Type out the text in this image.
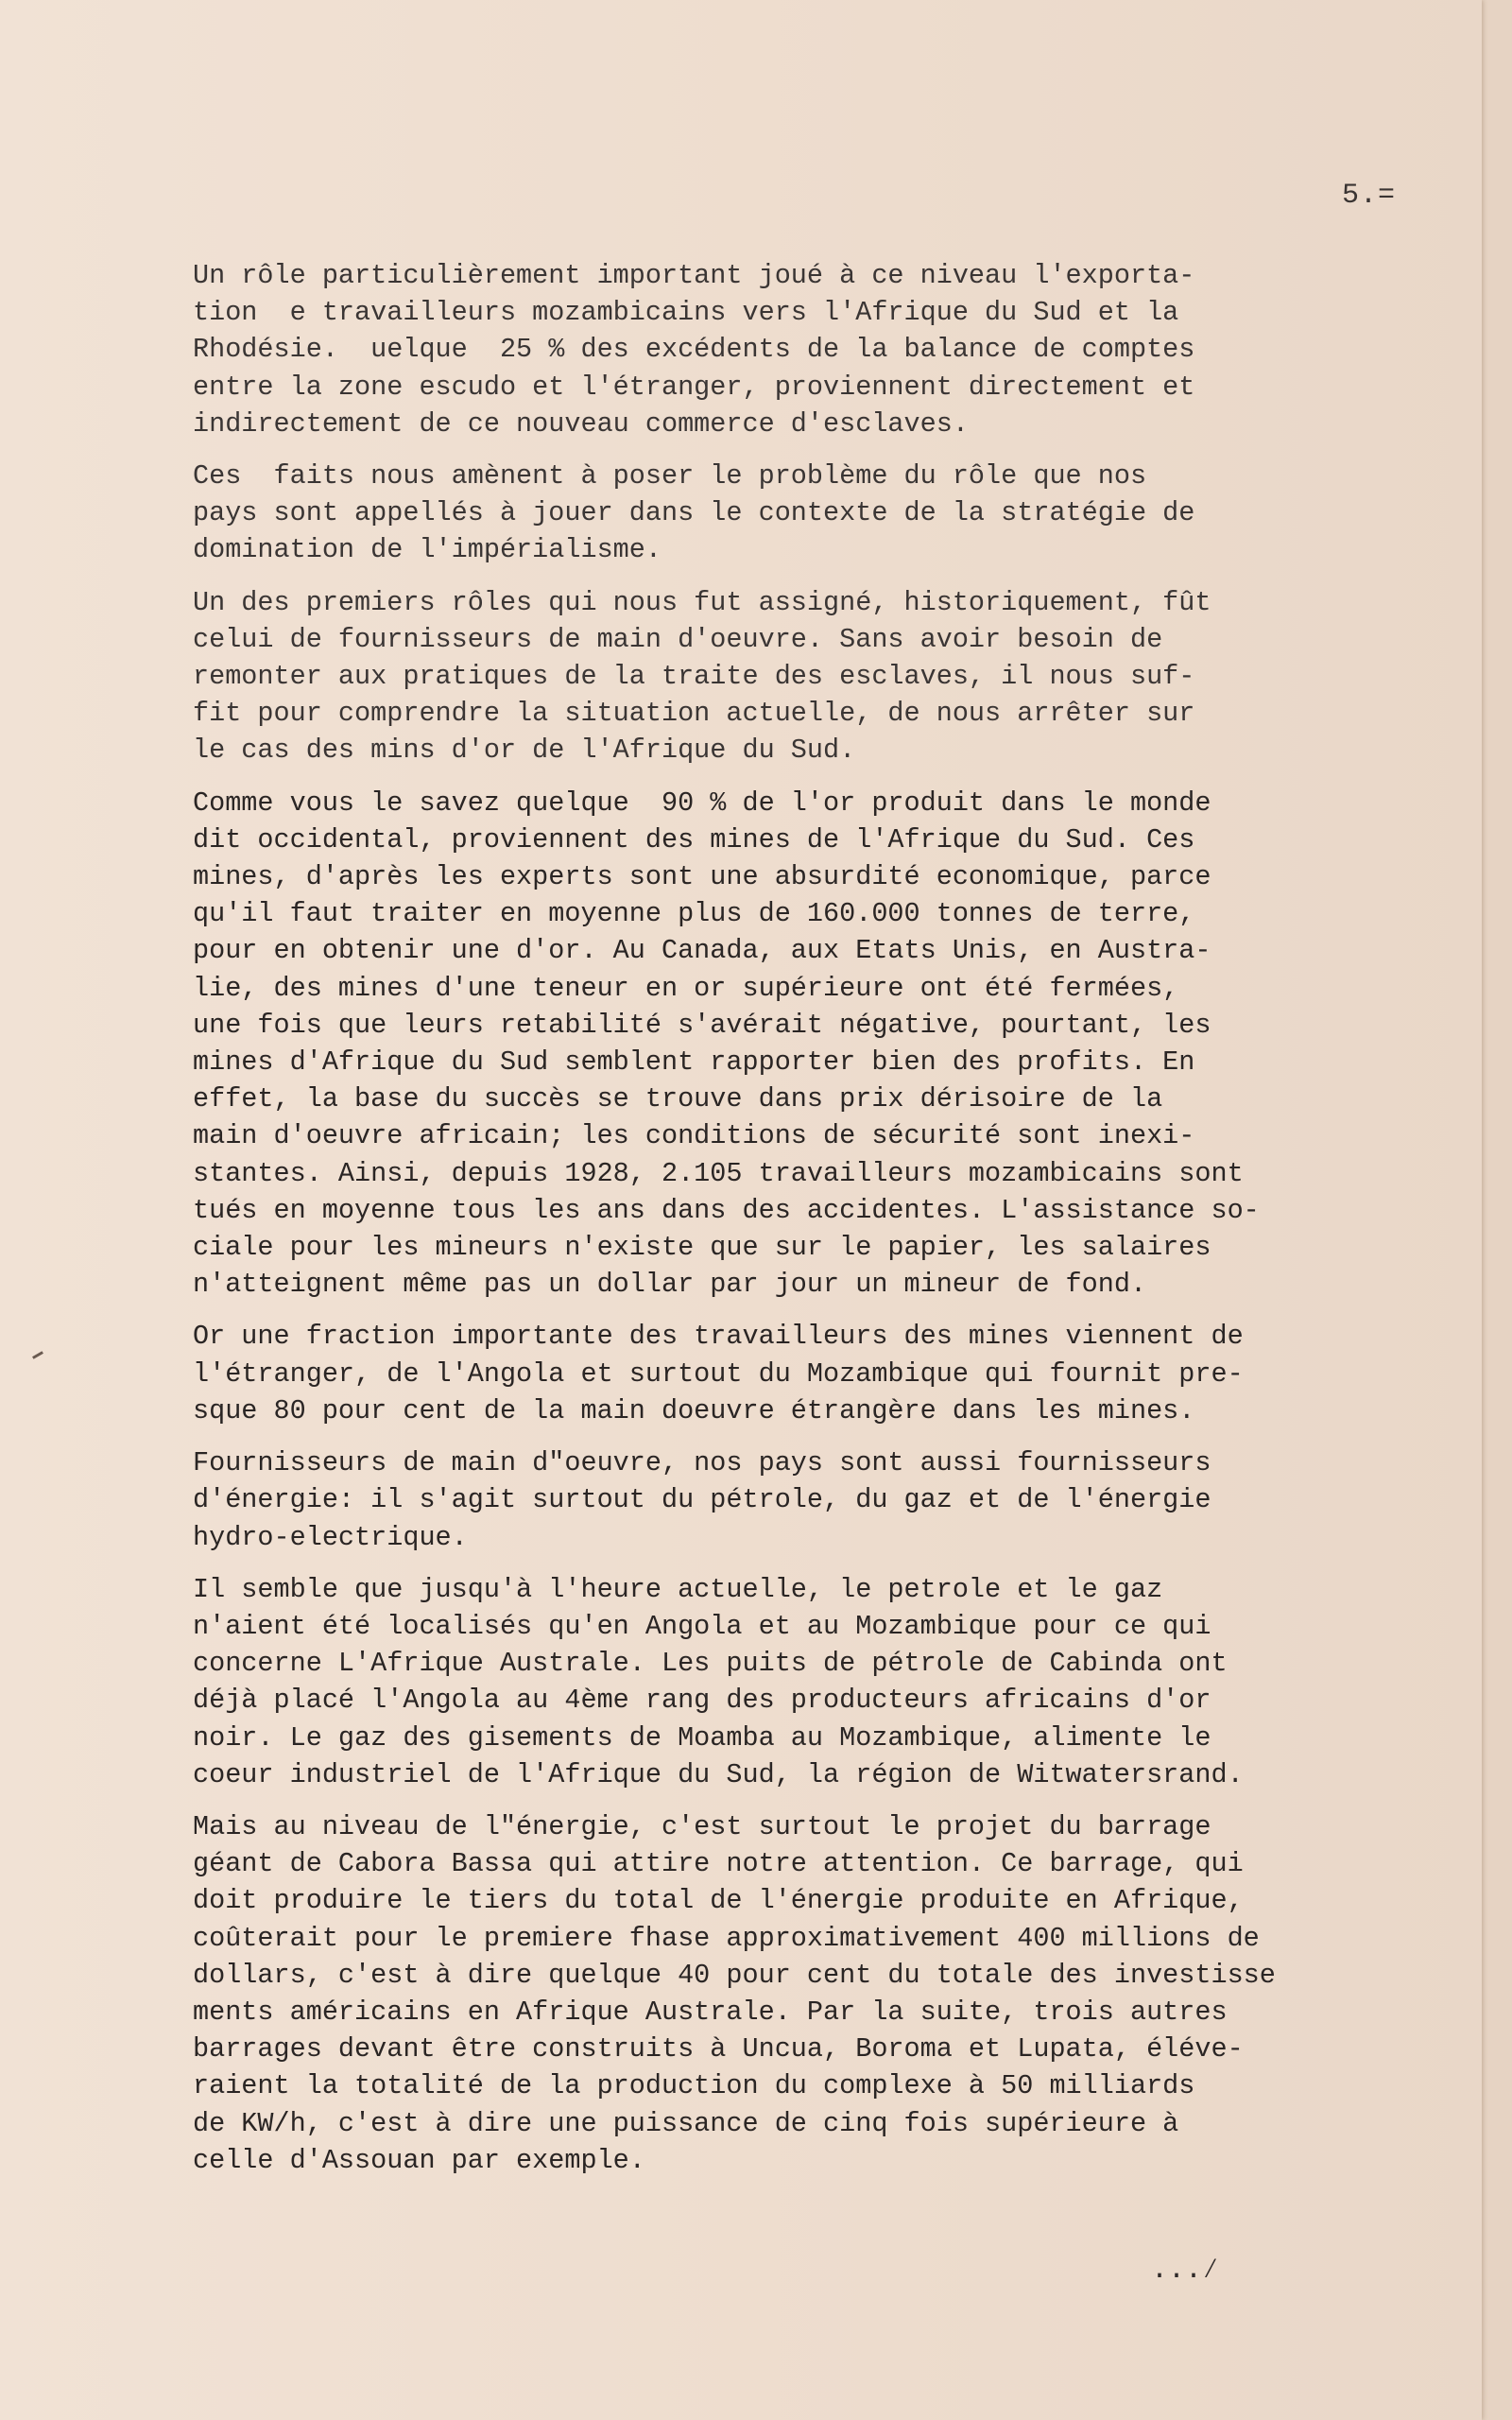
5.=

Un rôle particulièrement important joué à ce niveau l'exporta-
tion  e travailleurs mozambicains vers l'Afrique du Sud et la
Rhodésie.  uelque  25 % des excédents de la balance de comptes
entre la zone escudo et l'étranger, proviennent directement et
indirectement de ce nouveau commerce d'esclaves.

Ces  faits nous amènent à poser le problème du rôle que nos
pays sont appellés à jouer dans le contexte de la stratégie de
domination de l'impérialisme.

Un des premiers rôles qui nous fut assigné, historiquement, fût
celui de fournisseurs de main d'oeuvre. Sans avoir besoin de
remonter aux pratiques de la traite des esclaves, il nous suf-
fit pour comprendre la situation actuelle, de nous arrêter sur
le cas des mins d'or de l'Afrique du Sud.

Comme vous le savez quelque  90 % de l'or produit dans le monde
dit occidental, proviennent des mines de l'Afrique du Sud. Ces
mines, d'après les experts sont une absurdité economique, parce
qu'il faut traiter en moyenne plus de 160.000 tonnes de terre,
pour en obtenir une d'or. Au Canada, aux Etats Unis, en Austra-
lie, des mines d'une teneur en or supérieure ont été fermées,
une fois que leurs retabilité s'avérait négative, pourtant, les
mines d'Afrique du Sud semblent rapporter bien des profits. En
effet, la base du succès se trouve dans prix dérisoire de la
main d'oeuvre africain; les conditions de sécurité sont inexi-
stantes. Ainsi, depuis 1928, 2.105 travailleurs mozambicains sont
tués en moyenne tous les ans dans des accidentes. L'assistance so-
ciale pour les mineurs n'existe que sur le papier, les salaires
n'atteignent même pas un dollar par jour un mineur de fond.

Or une fraction importante des travailleurs des mines viennent de
l'étranger, de l'Angola et surtout du Mozambique qui fournit pre-
sque 80 pour cent de la main doeuvre étrangère dans les mines.

Fournisseurs de main d"oeuvre, nos pays sont aussi fournisseurs
d'énergie: il s'agit surtout du pétrole, du gaz et de l'énergie
hydro-electrique.

Il semble que jusqu'à l'heure actuelle, le petrole et le gaz
n'aient été localisés qu'en Angola et au Mozambique pour ce qui
concerne L'Afrique Australe. Les puits de pétrole de Cabinda ont
déjà placé l'Angola au 4ème rang des producteurs africains d'or
noir. Le gaz des gisements de Moamba au Mozambique, alimente le
coeur industriel de l'Afrique du Sud, la région de Witwatersrand.

Mais au niveau de l"énergie, c'est surtout le projet du barrage
géant de Cabora Bassa qui attire notre attention. Ce barrage, qui
doit produire le tiers du total de l'énergie produite en Afrique,
coûterait pour le premiere fhase approximativement 400 millions de
dollars, c'est à dire quelque 40 pour cent du totale des investisse
ments américains en Afrique Australe. Par la suite, trois autres
barrages devant être construits à Uncua, Boroma et Lupata, éléve-
raient la totalité de la production du complexe à 50 milliards
de KW/h, c'est à dire une puissance de cinq fois supérieure à
celle d'Assouan par exemple.

...⁄
